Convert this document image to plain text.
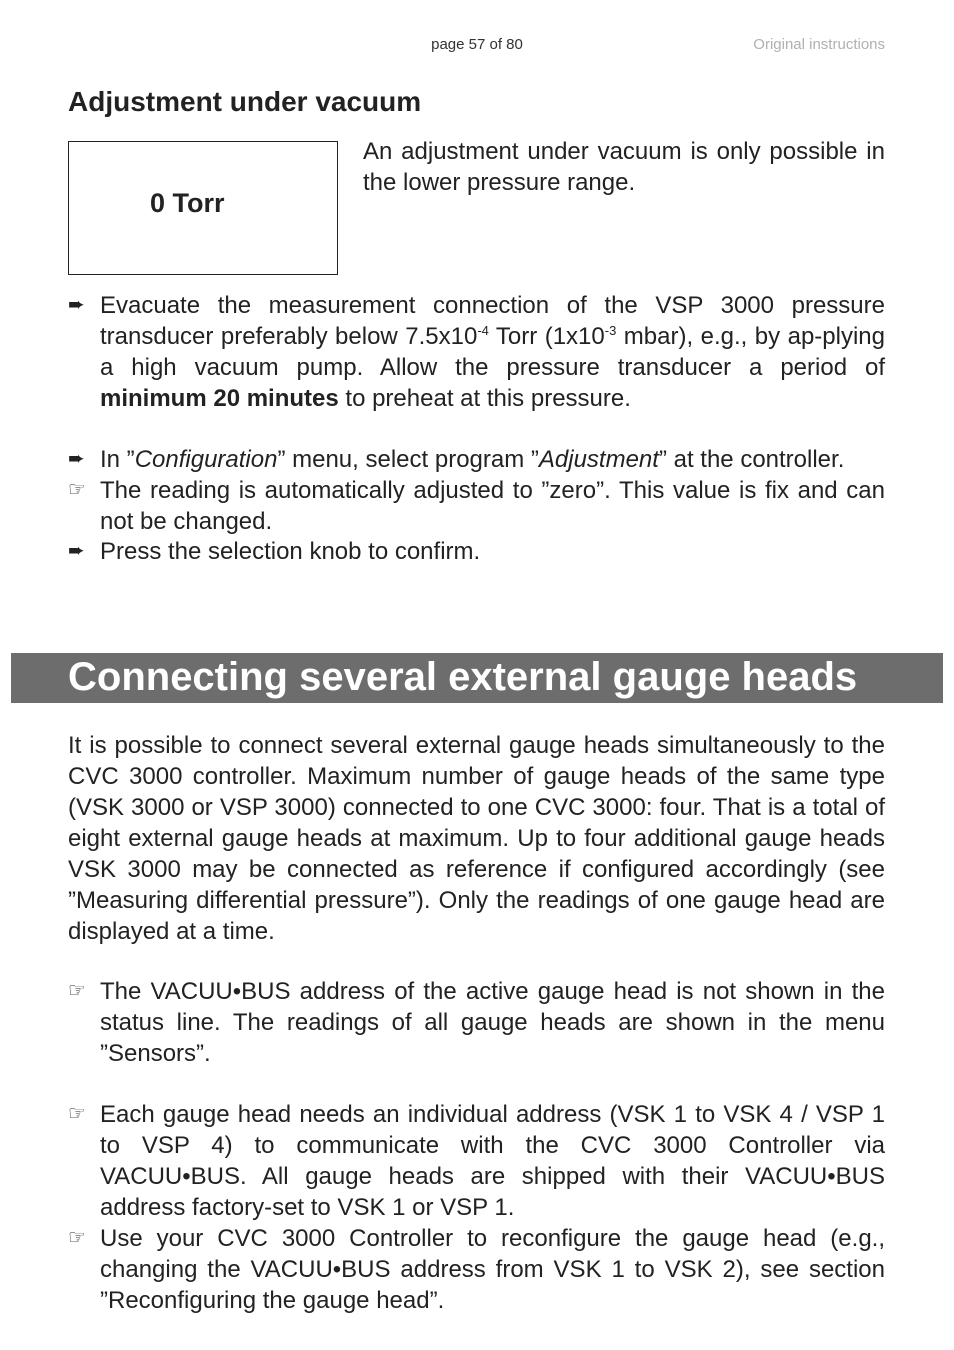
page 57 of 80	Original instructions
Adjustment under vacuum
0 Torr
An adjustment under vacuum is only possible in the lower pressure range.
➨ Evacuate the measurement connection of the VSP 3000 pressure transducer preferably below $7.5x10^{-4}$ Torr ($1x10^{-3}$ mbar), e.g., by ap-plying a high vacuum pump. Allow the pressure transducer a period of minimum 20 minutes to preheat at this pressure.
➨ In ”Configuration” menu, select program ”Adjustment” at the controller.
☞ The reading is automatically adjusted to ”zero”. This value is fix and can not be changed.
➨ Press the selection knob to confirm.
Connecting several external gauge heads
It is possible to connect several external gauge heads simultaneously to the CVC 3000 controller. Maximum number of gauge heads of the same type (VSK 3000 or VSP 3000) connected to one CVC 3000: four. That is a total of eight external gauge heads at maximum. Up to four additional gauge heads VSK 3000 may be connected as reference if configured accordingly (see ”Measuring differential pressure”). Only the readings of one gauge head are displayed at a time.
☞ The VACUU•BUS address of the active gauge head is not shown in the status line. The readings of all gauge heads are shown in the menu ”Sensors”.
☞ Each gauge head needs an individual address (VSK 1 to VSK 4 / VSP 1 to VSP 4) to communicate with the CVC 3000 Controller via VACUU•BUS. All gauge heads are shipped with their VACUU•BUS address factory-set to VSK 1 or VSP 1.
☞ Use your CVC 3000 Controller to reconfigure the gauge head (e.g., changing the VACUU•BUS address from VSK 1 to VSK 2), see section ”Reconfiguring the gauge head”.
